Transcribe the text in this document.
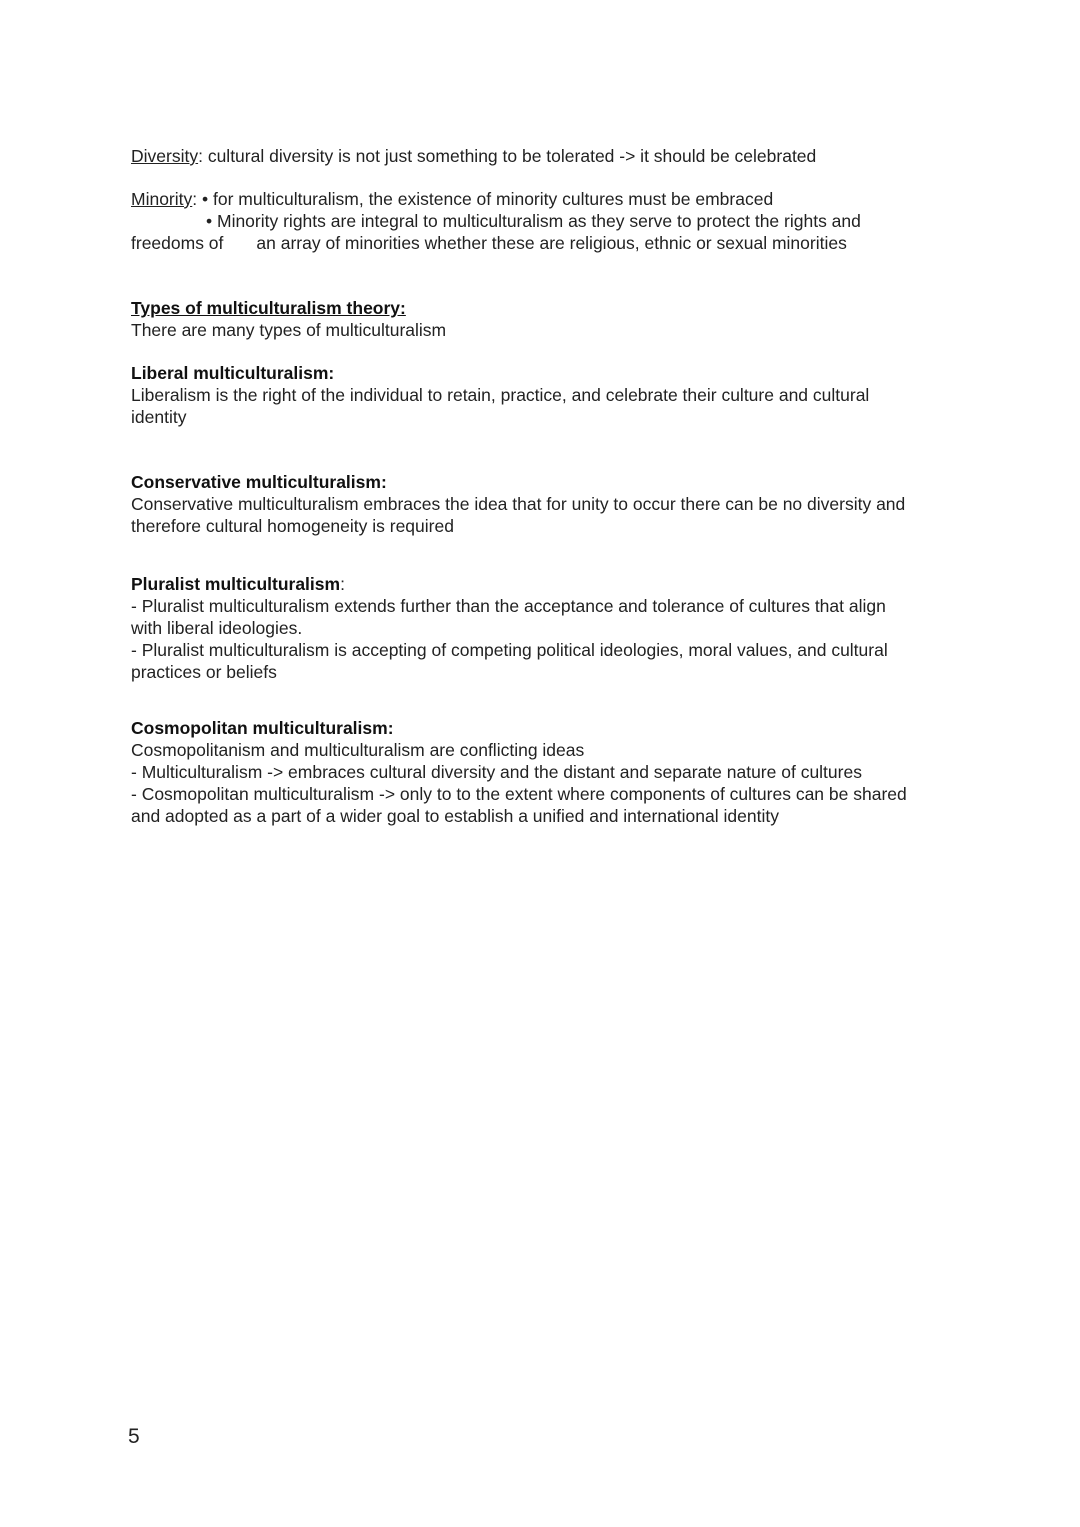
Diversity: cultural diversity is not just something to be tolerated -> it should be celebrated
Minority: • for multiculturalism, the existence of minority cultures must be embraced
• Minority rights are integral to multiculturalism as they serve to protect the rights and
freedoms of an array of minorities whether these are religious, ethnic or sexual minorities
Types of multiculturalism theory:
There are many types of multiculturalism
Liberal multiculturalism:
Liberalism is the right of the individual to retain, practice, and celebrate their culture and cultural
identity
Conservative multiculturalism:
Conservative multiculturalism embraces the idea that for unity to occur there can be no diversity and
therefore cultural homogeneity is required
Pluralist multiculturalism:
- Pluralist multiculturalism extends further than the acceptance and tolerance of cultures that align
with liberal ideologies.
- Pluralist multiculturalism is accepting of competing political ideologies, moral values, and cultural
practices or beliefs
Cosmopolitan multiculturalism:
Cosmopolitanism and multiculturalism are conflicting ideas
- Multiculturalism -> embraces cultural diversity and the distant and separate nature of cultures
- Cosmopolitan multiculturalism -> only to to the extent where components of cultures can be shared
and adopted as a part of a wider goal to establish a unified and international identity
5
